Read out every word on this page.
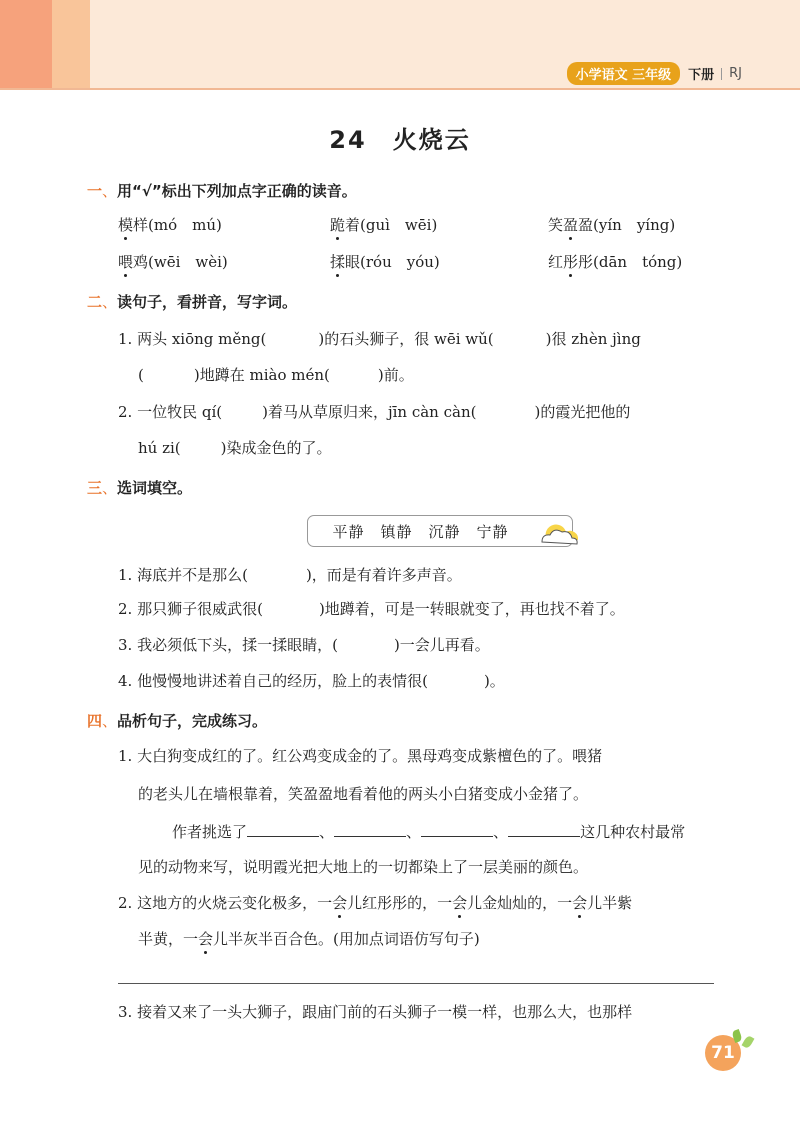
小学语文 三年级	下册 RJ
24　火烧云
一、用“√”标出下列加点字正确的读音。
模样(mó　mú)	跪着(guì　wēi)	笑盈盈(yín　yíng)
喂鸡(wēi　wèi)	揉眼(róu　yóu)	红彤彤(dān　tóng)
二、读句子，看拼音，写字词。
1. 两头 xiōng měng(	)的石头狮子，很 wēi wǔ(	)很 zhèn jìng
(	)地蹲在 miào mén(	)前。
2. 一位牧民 qí(	)着马从草原归来，jīn càn càn(	)的霞光把他的
hú zi(	)染成金色的了。
三、选词填空。
平静　镇静　沉静　宁静
1. 海底并不是那么(	)，而是有着许多声音。
2. 那只狮子很威武很(	)地蹲着，可是一转眼就变了，再也找不着了。
3. 我必须低下头，揉一揉眼睛，(	)一会儿再看。
4. 他慢慢地讲述着自己的经历，脸上的表情很(	)。
四、品析句子，完成练习。
1. 大白狗变成红的了。红公鸡变成金的了。黑母鸡变成紫檀色的了。喂猪
的老头儿在墙根靠着，笑盈盈地看着他的两头小白猪变成小金猪了。
作者挑选了	、	、	、	这几种农村最常
见的动物来写，说明霞光把大地上的一切都染上了一层美丽的颜色。
2. 这地方的火烧云变化极多，一会儿红彤彤的，一会儿金灿灿的，一会儿半紫
半黄，一会儿半灰半百合色。(用加点词语仿写句子)
3. 接着又来了一头大狮子，跟庙门前的石头狮子一模一样，也那么大，也那样
71
